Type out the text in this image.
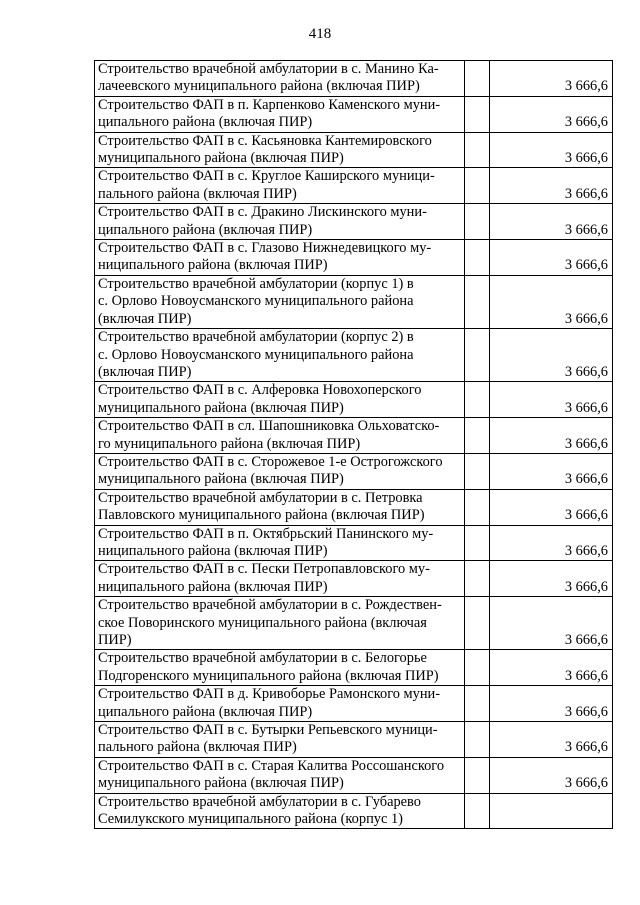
418
Строительство врачебной амбулатории в с. Манино Ка-
лачеевского муниципального района (включая ПИР)		3 666,6

Строительство ФАП в п. Карпенково Каменского муни-
ципального района (включая ПИР)		3 666,6

Строительство ФАП в с. Касьяновка Кантемировского
муниципального района (включая ПИР)		3 666,6

Строительство ФАП в с. Круглое Каширского муници-
пального района (включая ПИР)		3 666,6

Строительство ФАП в с. Дракино Лискинского муни-
ципального района (включая ПИР)		3 666,6

Строительство ФАП в с. Глазово Нижнедевицкого му-
ниципального района (включая ПИР)		3 666,6

Строительство врачебной амбулатории (корпус 1) в
с. Орлово Новоусманского муниципального района
(включая ПИР)		3 666,6

Строительство врачебной амбулатории (корпус 2) в
с. Орлово Новоусманского муниципального района
(включая ПИР)		3 666,6

Строительство ФАП в с. Алферовка Новохоперского
муниципального района (включая ПИР)		3 666,6

Строительство ФАП в сл. Шапошниковка Ольховатско-
го муниципального района (включая ПИР)		3 666,6

Строительство ФАП в с. Сторожевое 1-е Острогожского
муниципального района (включая ПИР)		3 666,6

Строительство врачебной амбулатории в с. Петровка
Павловского муниципального района (включая ПИР)		3 666,6

Строительство ФАП в п. Октябрьский Панинского му-
ниципального района (включая ПИР)		3 666,6

Строительство ФАП в с. Пески Петропавловского му-
ниципального района (включая ПИР)		3 666,6

Строительство врачебной амбулатории в с. Рождествен-
ское Поворинского муниципального района (включая
ПИР)		3 666,6

Строительство врачебной амбулатории в с. Белогорье
Подгоренского муниципального района (включая ПИР)		3 666,6

Строительство ФАП в д. Кривоборье Рамонского муни-
ципального района (включая ПИР)		3 666,6

Строительство ФАП в с. Бутырки Репьевского муници-
пального района (включая ПИР)		3 666,6

Строительство ФАП в с. Старая Калитва Россошанского
муниципального района (включая ПИР)		3 666,6

Строительство врачебной амбулатории в с. Губарево
Семилукского муниципального района (корпус 1)		
